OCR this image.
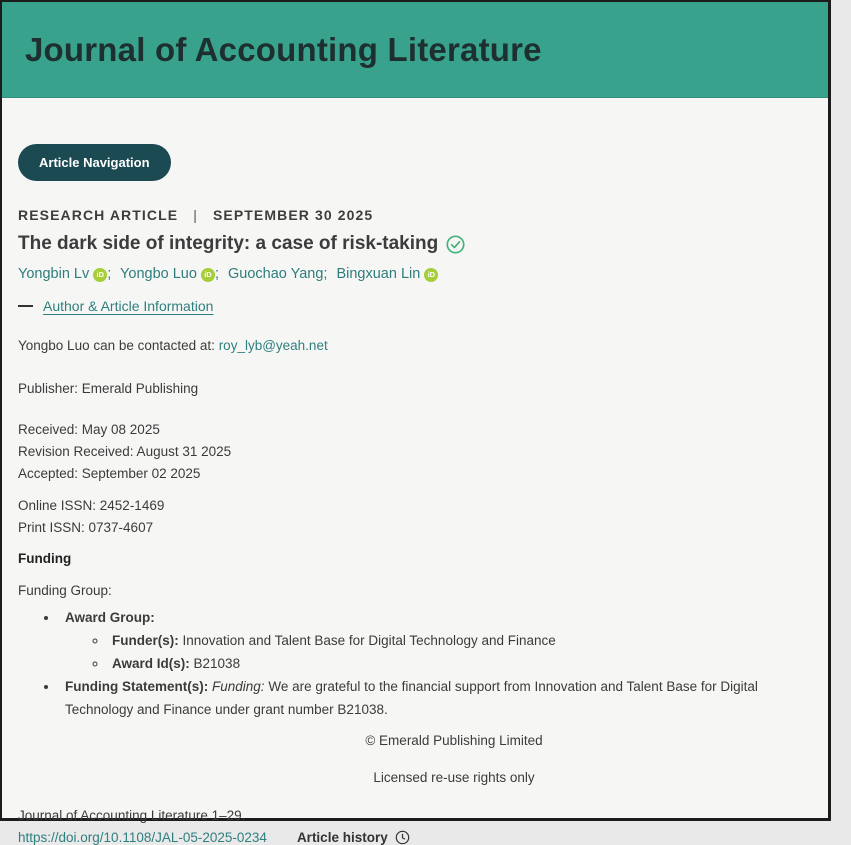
Journal of Accounting Literature
Article Navigation
RESEARCH ARTICLE | SEPTEMBER 30 2025
The dark side of integrity: a case of risk-taking
Yongbin Lv iD ; Yongbo Luo iD ; Guochao Yang; Bingxuan Lin iD
Author & Article Information
Yongbo Luo can be contacted at: roy_lyb@yeah.net
Publisher: Emerald Publishing
Received: May 08 2025
Revision Received: August 31 2025
Accepted: September 02 2025
Online ISSN: 2452-1469
Print ISSN: 0737-4607
Funding
Funding Group:
• Award Group:
◦ Funder(s): Innovation and Talent Base for Digital Technology and Finance
◦ Award Id(s): B21038
• Funding Statement(s): Funding: We are grateful to the financial support from Innovation and Talent Base for Digital Technology and Finance under grant number B21038.
© Emerald Publishing Limited
Licensed re-use rights only
Journal of Accounting Literature 1–29.
https://doi.org/10.1108/JAL-05-2025-0234 Article history
